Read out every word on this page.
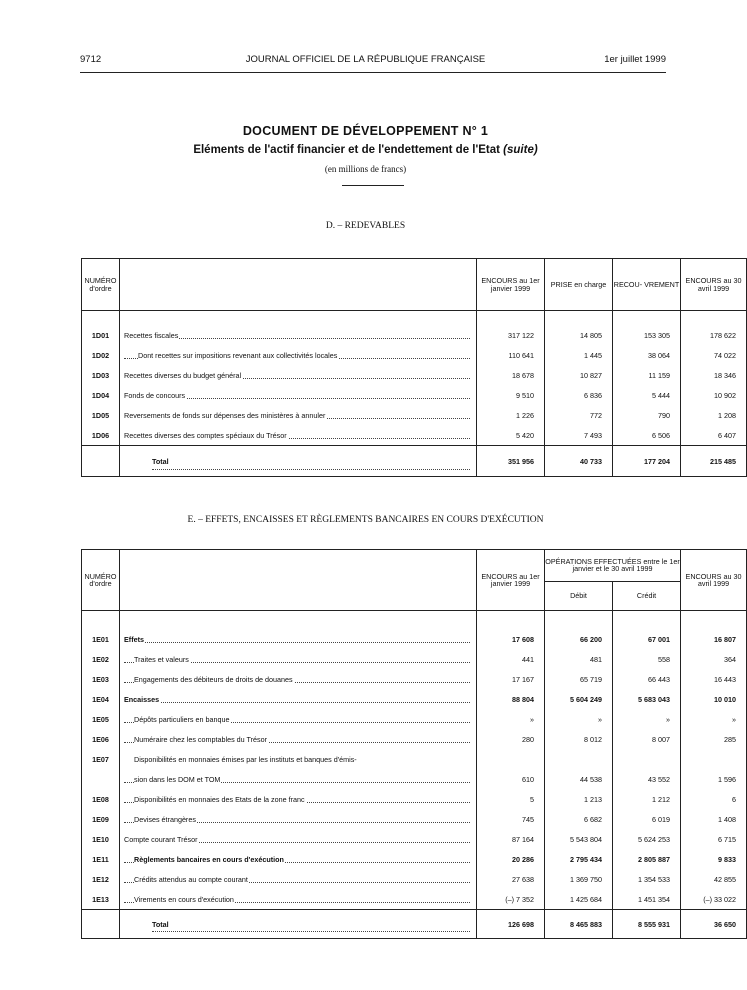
9712	JOURNAL OFFICIEL DE LA RÉPUBLIQUE FRANÇAISE	1er juillet 1999
DOCUMENT DE DÉVELOPPEMENT N° 1
Eléments de l'actif financier et de l'endettement de l'Etat (suite)
(en millions de francs)
D. – REDEVABLES
NUMÉRO d'ordre		ENCOURS au 1er janvier 1999	PRISE en charge	RECOU- VREMENT	ENCOURS au 30 avril 1999

1D01	Recettes fiscales	317 122	14 805	153 305	178 622
1D02	Dont recettes sur impositions revenant aux collectivités locales	110 641	1 445	38 064	74 022
1D03	Recettes diverses du budget général	18 678	10 827	11 159	18 346
1D04	Fonds de concours	9 510	6 836	5 444	10 902
1D05	Reversements de fonds sur dépenses des ministères à annuler	1 226	772	790	1 208
1D06	Recettes diverses des comptes spéciaux du Trésor	5 420	7 493	6 506	6 407

Total	351 956	40 733	177 204	215 485
E. – EFFETS, ENCAISSES ET RÈGLEMENTS BANCAIRES EN COURS D'EXÉCUTION
NUMÉRO d'ordre		ENCOURS au 1er janvier 1999	OPÉRATIONS EFFECTUÉES entre le 1er janvier et le 30 avril 1999		ENCOURS au 30 avril 1999
			Débit	Crédit	

1E01	Effets	17 608	66 200	67 001	16 807
1E02	Traites et valeurs	441	481	558	364
1E03	Engagements des débiteurs de droits de douanes	17 167	65 719	66 443	16 443
1E04	Encaisses	88 804	5 604 249	5 683 043	10 010
1E05	Dépôts particuliers en banque	»	»	»	»
1E06	Numéraire chez les comptables du Trésor	280	8 012	8 007	285
1E07	Disponibilités en monnaies émises par les instituts et banques d'émis-				

sion dans les DOM et TOM	610	44 538	43 552	1 596
1E08	Disponibilités en monnaies des Etats de la zone franc	5	1 213	1 212	6
1E09	Devises étrangères	745	6 682	6 019	1 408
1E10	Compte courant Trésor	87 164	5 543 804	5 624 253	6 715
1E11	Règlements bancaires en cours d'exécution	20 286	2 795 434	2 805 887	9 833
1E12	Crédits attendus au compte courant	27 638	1 369 750	1 354 533	42 855
1E13	Virements en cours d'exécution	(–) 7 352	1 425 684	1 451 354	(–) 33 022

Total	126 698	8 465 883	8 555 931	36 650
